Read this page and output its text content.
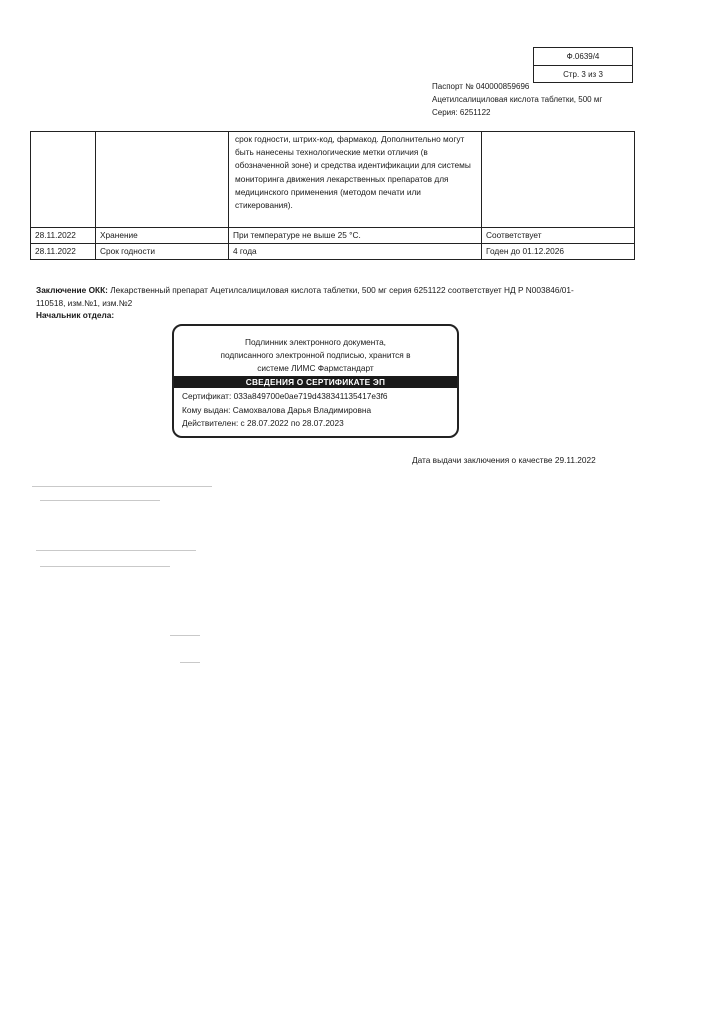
Ф.0639/4
Стр. 3 из 3
Паспорт № 040000859696
Ацетилсалициловая кислота таблетки, 500 мг
Серия: 6251122
		срок годности, штрих-код, фармакод. Дополнительно могут быть нанесены технологические метки отличия (в обозначенной зоне) и средства идентификации для системы мониторинга движения лекарственных препаратов для медицинского применения (методом печати или стикерования).	
28.11.2022	Хранение	При температуре не выше 25 °С.	Соответствует
28.11.2022	Срок годности	4 года	Годен до 01.12.2026
Заключение ОКК: Лекарственный препарат Ацетилсалициловая кислота таблетки, 500 мг серия 6251122 соответствует НД Р N003846/01-110518, изм.№1, изм.№2
Начальник отдела:
Подлинник электронного документа,
подписанного электронной подписью, хранится в
системе ЛИМС Фармстандарт
СВЕДЕНИЯ О СЕРТИФИКАТЕ ЭП
Сертификат: 033a849700e0ae719d438341135417e3f6
Кому выдан: Самохвалова Дарья Владимировна
Действителен: с 28.07.2022 по 28.07.2023
Дата выдачи заключения о качестве 29.11.2022
